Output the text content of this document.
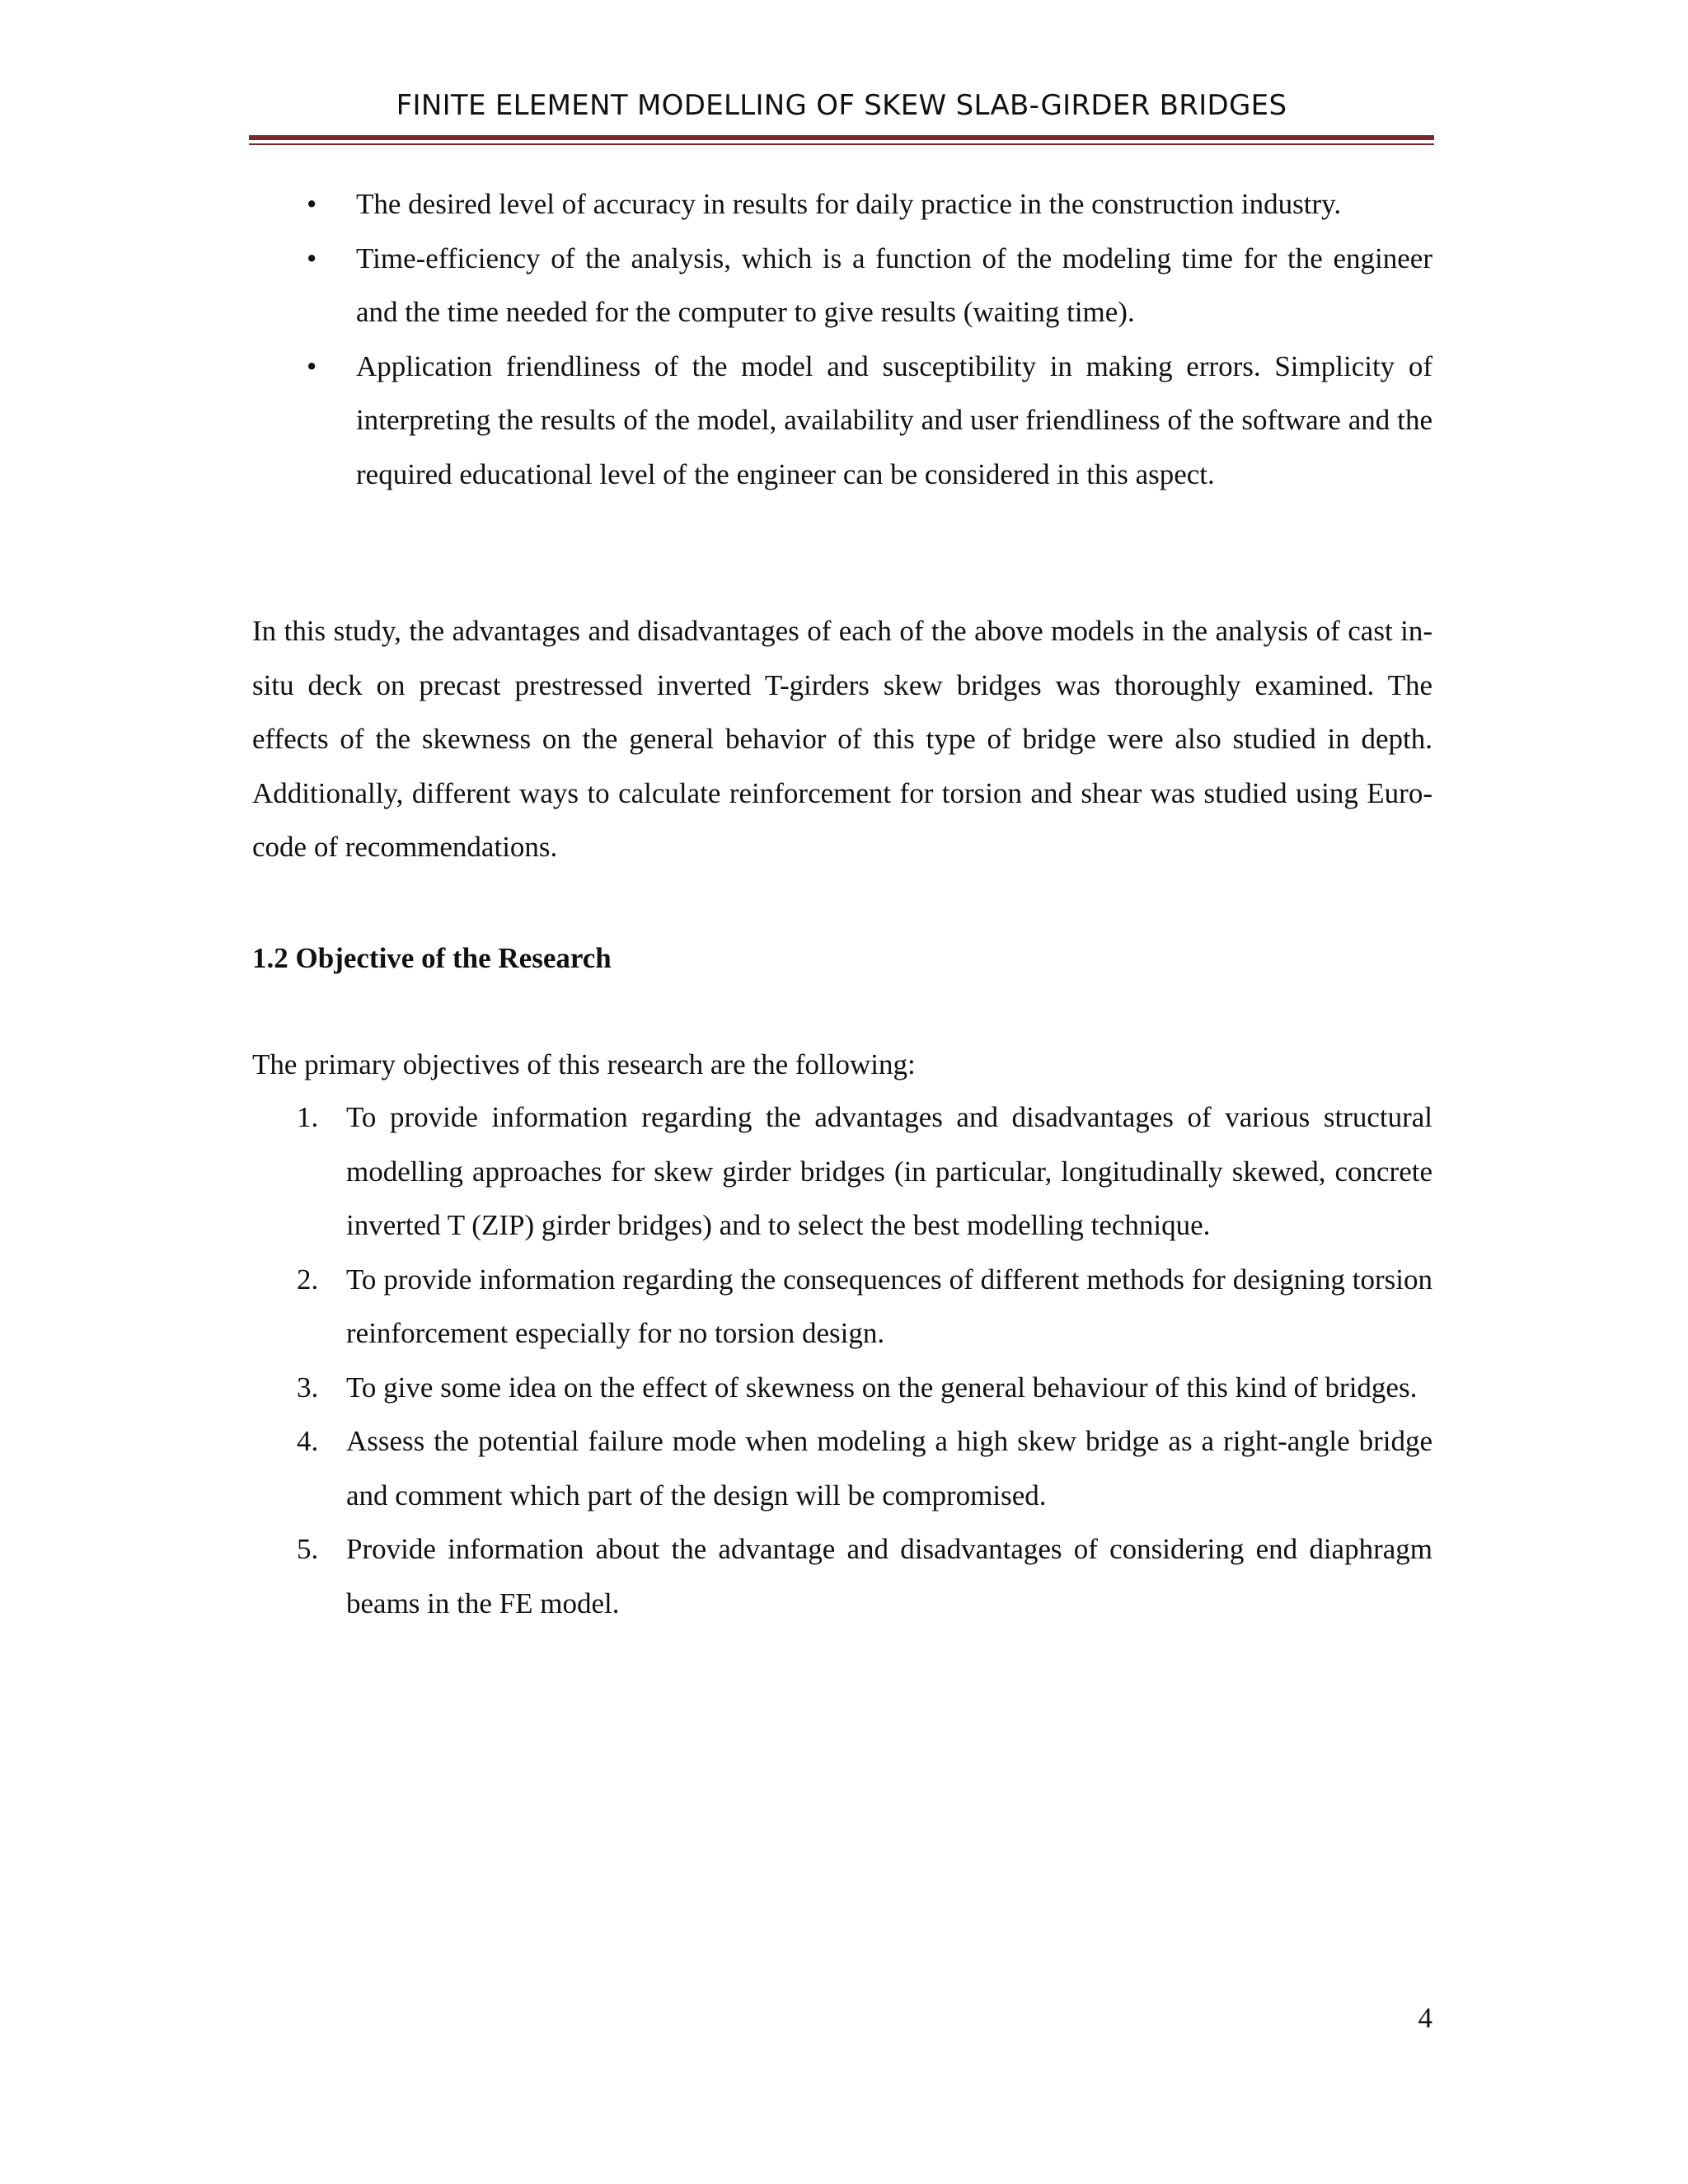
FINITE ELEMENT MODELLING OF SKEW SLAB-GIRDER BRIDGES
•	The desired level of accuracy in results for daily practice in the construction industry.
•	Time-efficiency of the analysis, which is a function of the modeling time for the engineer and the time needed for the computer to give results (waiting time).
•	Application friendliness of the model and susceptibility in making errors. Simplicity of interpreting the results of the model, availability and user friendliness of the software and the required educational level of the engineer can be considered in this aspect.

In this study, the advantages and disadvantages of each of the above models in the analysis of cast in-situ deck on precast prestressed inverted T-girders skew bridges was thoroughly examined. The effects of the skewness on the general behavior of this type of bridge were also studied in depth. Additionally, different ways to calculate reinforcement for torsion and shear was studied using Euro-code of recommendations.

1.2 Objective of the Research

The primary objectives of this research are the following:

1. To provide information regarding the advantages and disadvantages of various structural modelling approaches for skew girder bridges (in particular, longitudinally skewed, concrete inverted T (ZIP) girder bridges) and to select the best modelling technique.
2. To provide information regarding the consequences of different methods for designing torsion reinforcement especially for no torsion design.
3. To give some idea on the effect of skewness on the general behaviour of this kind of bridges.
4. Assess the potential failure mode when modeling a high skew bridge as a right-angle bridge and comment which part of the design will be compromised.
5. Provide information about the advantage and disadvantages of considering end diaphragm beams in the FE model.
4
